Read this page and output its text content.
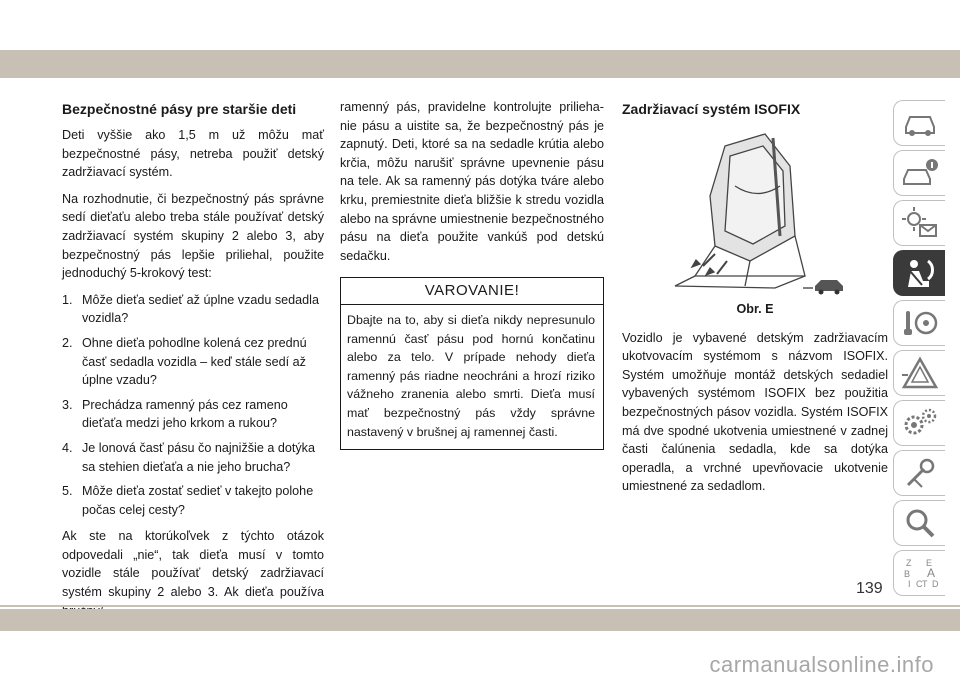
Bezpečnostné pásy pre staršie deti

Deti vyššie ako 1,5 m už môžu mať bezpečnostné pásy, netreba použiť detský zadržiavací systém.

Na rozhodnutie, či bezpečnostný pás správne sedí dieťaťu alebo treba stále používať detský zadržiavací systém skupiny 2 alebo 3, aby bezpečnostný pás lepšie priliehal, použite jednoduchý 5-krokový test:

1. Môže dieťa sedieť až úplne vzadu sedadla vozidla?
2. Ohne dieťa pohodlne kolená cez prednú časť sedadla vozidla – keď stále sedí až úplne vzadu?
3. Prechádza ramenný pás cez rameno dieťaťa medzi jeho krkom a rukou?
4. Je lonová časť pásu čo najnižšie a dotýka sa stehien dieťaťa a nie jeho brucha?
5. Môže dieťa zostať sedieť v takejto polohe počas celej cesty?

Ak ste na ktorúkoľvek z týchto otázok odpovedali „nie“, tak dieťa musí v tomto vozidle stále používať detský zadržiavací systém skupiny 2 alebo 3. Ak dieťa používa

ramenný pás, pravidelne kontrolujte prilieha-nie pásu a uistite sa, že bezpečnostný pás je zapnutý. Deti, ktoré sa na sedadle krútia alebo krčia, môžu narušiť správne upevnenie pásu na tele. Ak sa ramenný pás dotýka tváre alebo krku, premiestnite dieťa bližšie k stredu vozidla alebo na správne umiestnenie bezpečnostného pásu na dieťa použite vankúš pod detskú sedačku.

VAROVANIE!
Dbajte na to, aby si dieťa nikdy nepresunulo ramennú časť pásu pod hornú končatinu alebo za telo. V prípade nehody dieťa ramenný pás riadne neochráni a hrozí riziko vážneho zranenia alebo smrti. Dieťa musí mať bezpečnostný pás vždy správne nastavený v brušnej aj ramennej časti.
Zadržiavací systém ISOFIX
Obr. E

Vozidlo je vybavené detským zadržiavacím ukotvovacím systémom s názvom ISOFIX. Systém umožňuje montáž detských sedadiel vybavených systémom ISOFIX bez použitia bezpečnostných pásov vozidla. Systém ISOFIX má dve spodné ukotvenia umiestnené v zadnej časti čalúnenia sedadla, kde sa dotýka operadla, a vrchné upevňovacie ukotvenie umiestnené za sedadlom.

Z E
B A
C D
I T
139
carmanualsonline.info
